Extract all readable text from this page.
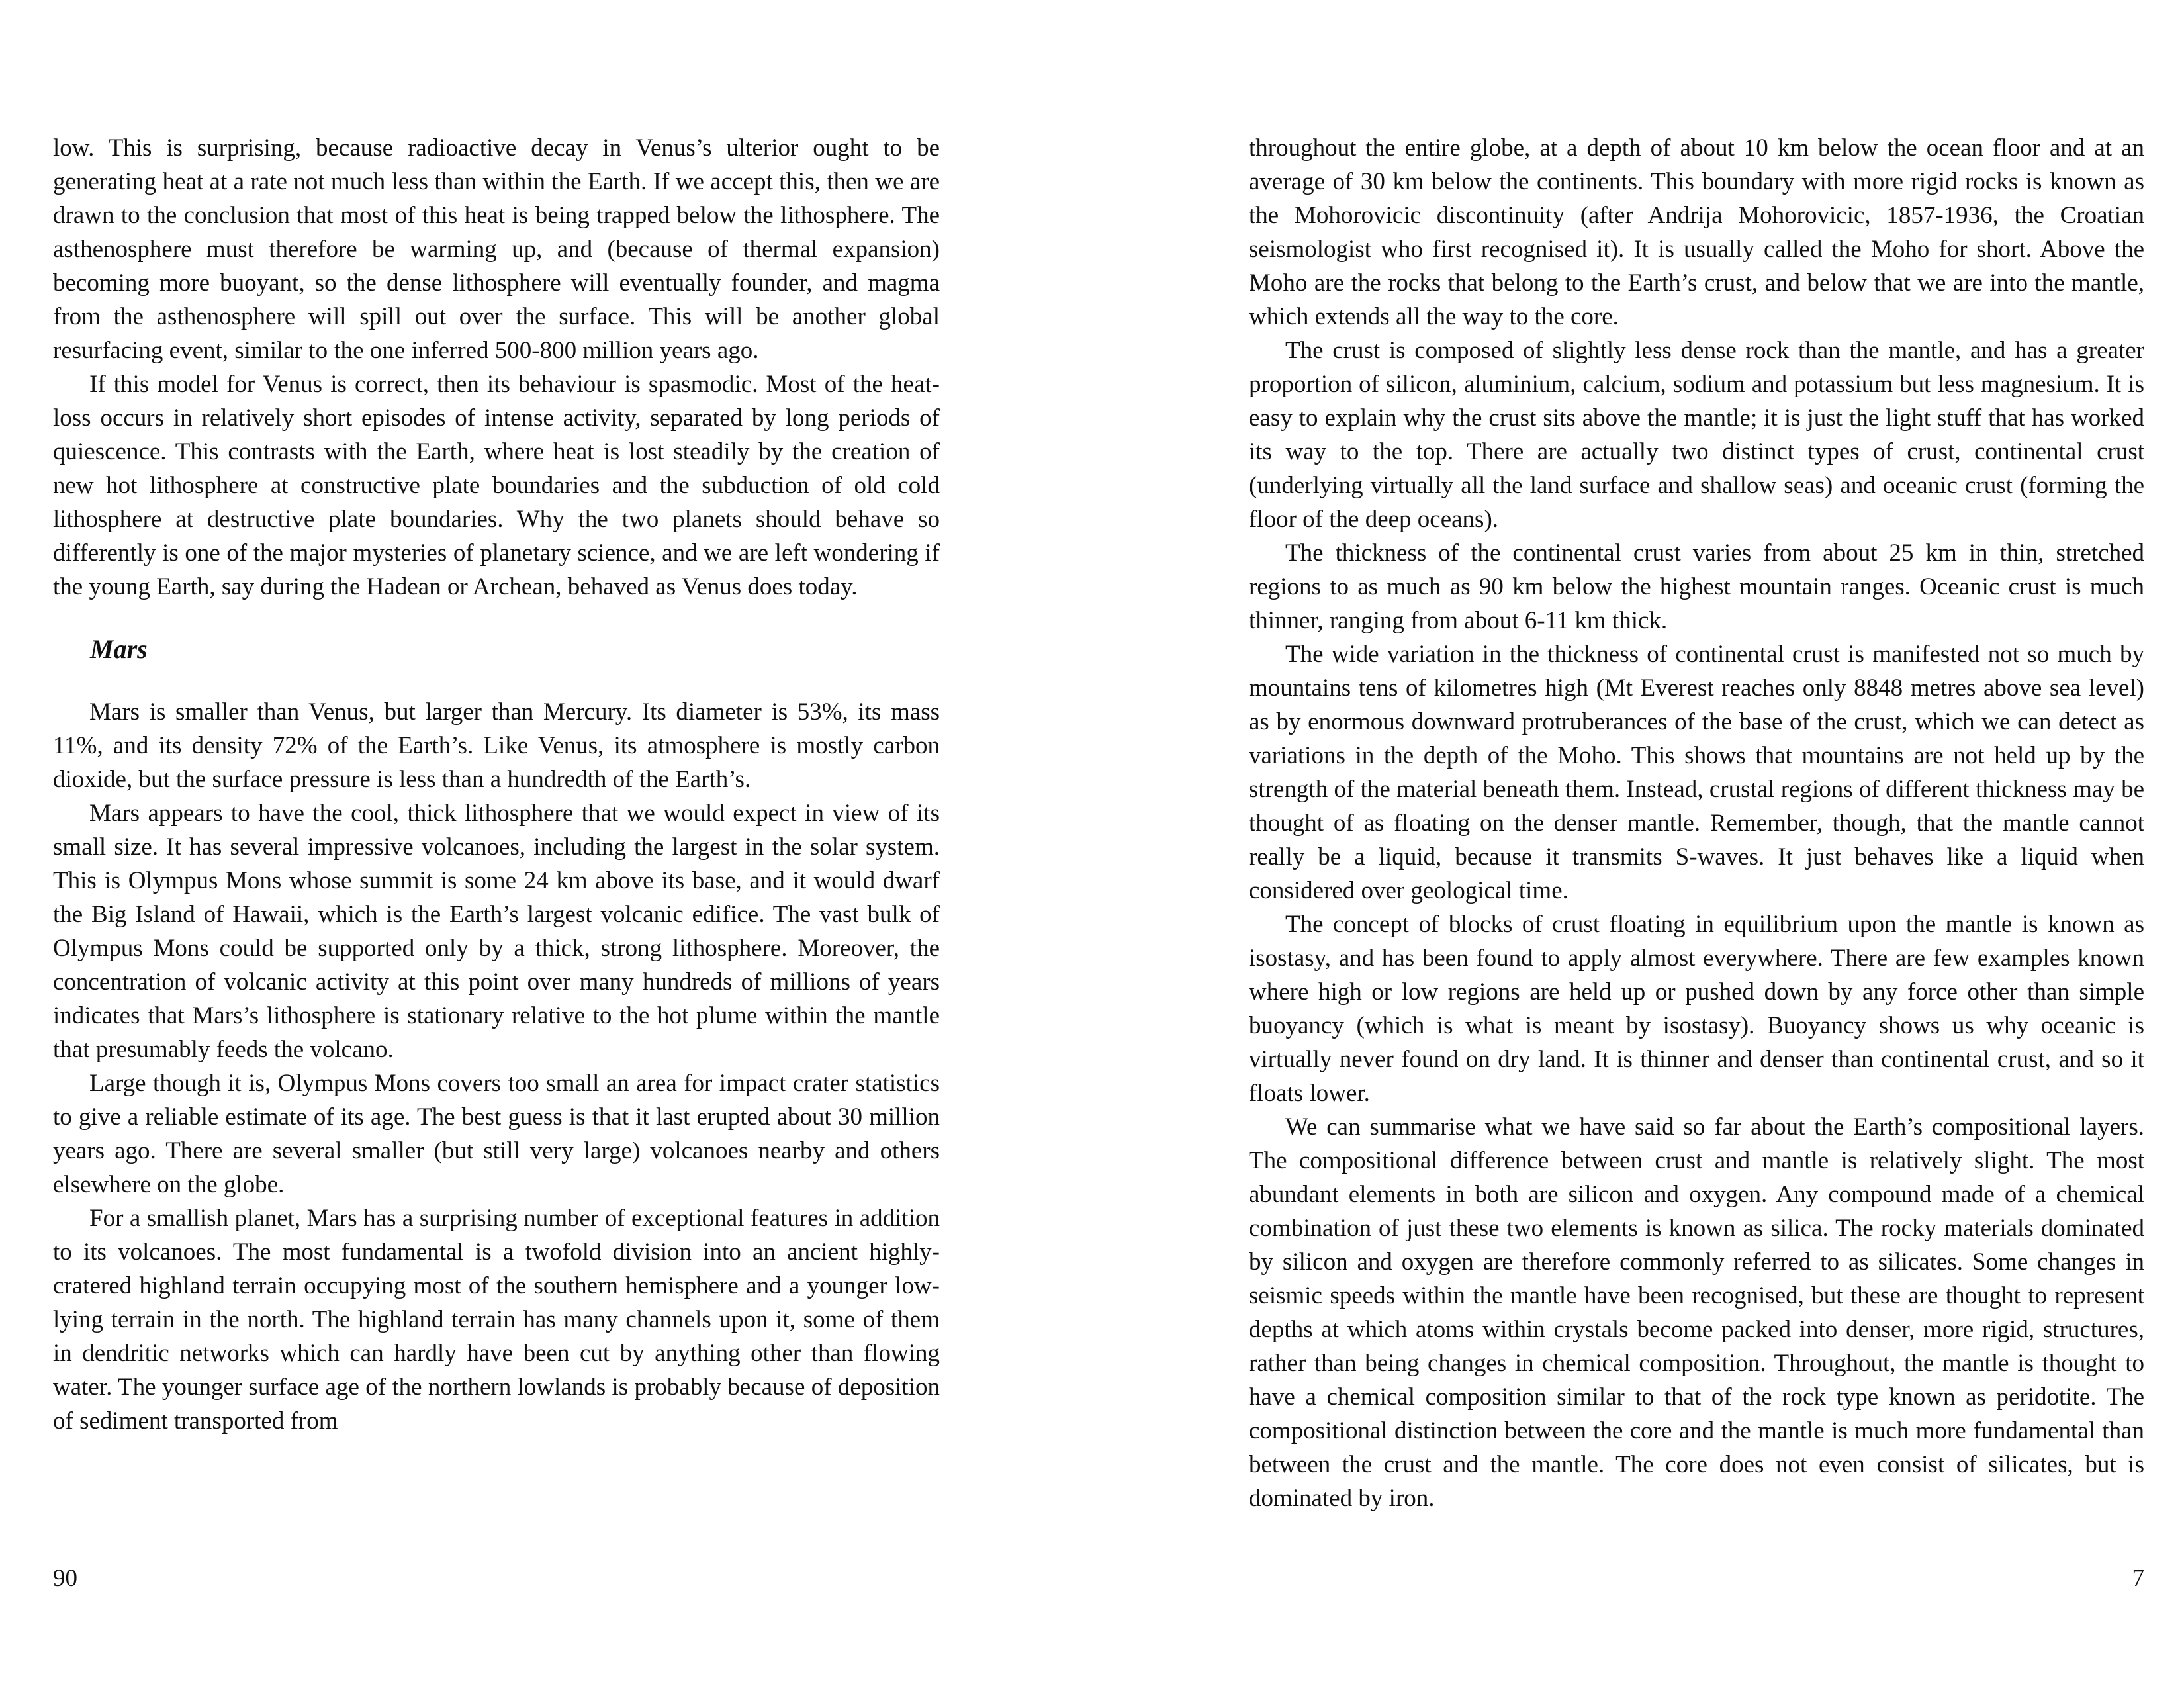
low. This is surprising, because radioactive decay in Venus’s ulterior ought to be generating heat at a rate not much less than within the Earth. If we accept this, then we are drawn to the conclusion that most of this heat is being trapped below the lithosphere. The asthenosphere must therefore be warming up, and (because of thermal expansion) becoming more buoyant, so the dense lithosphere will eventually founder, and magma from the asthenosphere will spill out over the surface. This will be another global resurfacing event, similar to the one inferred 500-800 million years ago.

If this model for Venus is correct, then its behaviour is spasmodic. Most of the heat-loss occurs in relatively short episodes of intense activity, separated by long periods of quiescence. This contrasts with the Earth, where heat is lost steadily by the creation of new hot lithosphere at constructive plate boundaries and the subduction of old cold lithosphere at destructive plate boundaries. Why the two planets should behave so differently is one of the major mysteries of planetary science, and we are left wondering if the young Earth, say during the Hadean or Archean, behaved as Venus does today.

Mars

Mars is smaller than Venus, but larger than Mercury. Its diameter is 53%, its mass 11%, and its density 72% of the Earth’s. Like Venus, its atmosphere is mostly carbon dioxide, but the surface pressure is less than a hundredth of the Earth’s.

Mars appears to have the cool, thick lithosphere that we would expect in view of its small size. It has several impressive volcanoes, including the largest in the solar system. This is Olympus Mons whose summit is some 24 km above its base, and it would dwarf the Big Island of Hawaii, which is the Earth’s largest volcanic edifice. The vast bulk of Olympus Mons could be supported only by a thick, strong lithosphere. Moreover, the concentration of volcanic activity at this point over many hundreds of millions of years indicates that Mars’s lithosphere is stationary relative to the hot plume within the mantle that presumably feeds the volcano.

Large though it is, Olympus Mons covers too small an area for impact crater statistics to give a reliable estimate of its age. The best guess is that it last erupted about 30 million years ago. There are several smaller (but still very large) volcanoes nearby and others elsewhere on the globe.

For a smallish planet, Mars has a surprising number of exceptional features in addition to its volcanoes. The most fundamental is a twofold division into an ancient highly-cratered highland terrain occupying most of the southern hemisphere and a younger low-lying terrain in the north. The highland terrain has many channels upon it, some of them in dendritic networks which can hardly have been cut by anything other than flowing water. The younger surface age of the northern lowlands is probably because of deposition of sediment transported from

90

throughout the entire globe, at a depth of about 10 km below the ocean floor and at an average of 30 km below the continents. This boundary with more rigid rocks is known as the Mohorovicic discontinuity (after Andrija Mohorovicic, 1857-1936, the Croatian seismologist who first recognised it). It is usually called the Moho for short. Above the Moho are the rocks that belong to the Earth’s crust, and below that we are into the mantle, which extends all the way to the core.

The crust is composed of slightly less dense rock than the mantle, and has a greater proportion of silicon, aluminium, calcium, sodium and potassium but less magnesium. It is easy to explain why the crust sits above the mantle; it is just the light stuff that has worked its way to the top. There are actually two distinct types of crust, continental crust (underlying virtually all the land surface and shallow seas) and oceanic crust (forming the floor of the deep oceans).

The thickness of the continental crust varies from about 25 km in thin, stretched regions to as much as 90 km below the highest mountain ranges. Oceanic crust is much thinner, ranging from about 6-11 km thick.

The wide variation in the thickness of continental crust is manifested not so much by mountains tens of kilometres high (Mt Everest reaches only 8848 metres above sea level) as by enormous downward protruberances of the base of the crust, which we can detect as variations in the depth of the Moho. This shows that mountains are not held up by the strength of the material beneath them. Instead, crustal regions of different thickness may be thought of as floating on the denser mantle. Remember, though, that the mantle cannot really be a liquid, because it transmits S-waves. It just behaves like a liquid when considered over geological time.

The concept of blocks of crust floating in equilibrium upon the mantle is known as isostasy, and has been found to apply almost everywhere. There are few examples known where high or low regions are held up or pushed down by any force other than simple buoyancy (which is what is meant by isostasy). Buoyancy shows us why oceanic is virtually never found on dry land. It is thinner and denser than continental crust, and so it floats lower.

We can summarise what we have said so far about the Earth’s compositional layers. The compositional difference between crust and mantle is relatively slight. The most abundant elements in both are silicon and oxygen. Any compound made of a chemical combination of just these two elements is known as silica. The rocky materials dominated by silicon and oxygen are therefore commonly referred to as silicates. Some changes in seismic speeds within the mantle have been recognised, but these are thought to represent depths at which atoms within crystals become packed into denser, more rigid, structures, rather than being changes in chemical composition. Throughout, the mantle is thought to have a chemical composition similar to that of the rock type known as peridotite. The compositional distinction between the core and the mantle is much more fundamental than between the crust and the mantle. The core does not even consist of silicates, but is dominated by iron.

7
